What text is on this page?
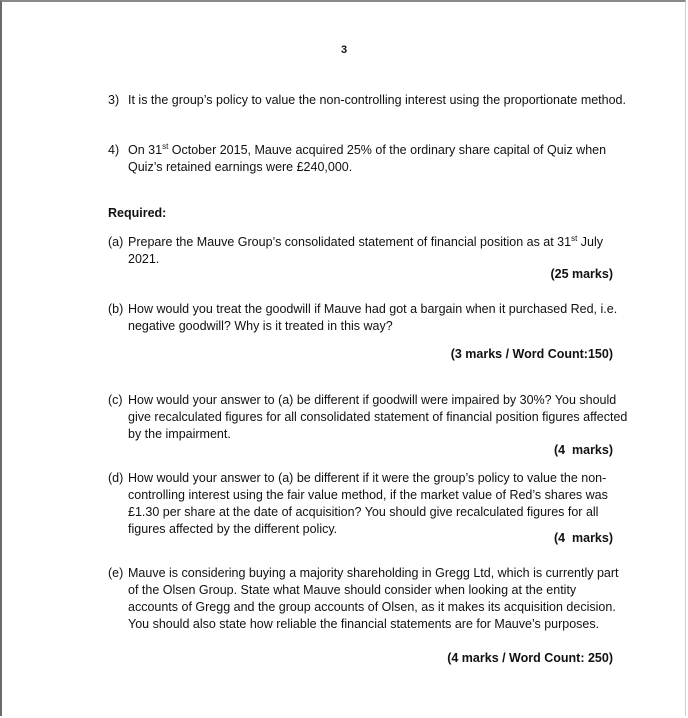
3
3) It is the group’s policy to value the non-controlling interest using the proportionate method.
4) On 31st October 2015, Mauve acquired 25% of the ordinary share capital of Quiz when Quiz’s retained earnings were £240,000.
Required:
(a) Prepare the Mauve Group’s consolidated statement of financial position as at 31st July 2021.
(25 marks)
(b) How would you treat the goodwill if Mauve had got a bargain when it purchased Red, i.e. negative goodwill? Why is it treated in this way?
(3 marks / Word Count:150)
(c) How would your answer to (a) be different if goodwill were impaired by 30%? You should give recalculated figures for all consolidated statement of financial position figures affected by the impairment.
(4  marks)
(d) How would your answer to (a) be different if it were the group’s policy to value the non-controlling interest using the fair value method, if the market value of Red’s shares was £1.30 per share at the date of acquisition? You should give recalculated figures for all figures affected by the different policy.
(4  marks)
(e) Mauve is considering buying a majority shareholding in Gregg Ltd, which is currently part of the Olsen Group. State what Mauve should consider when looking at the entity accounts of Gregg and the group accounts of Olsen, as it makes its acquisition decision. You should also state how reliable the financial statements are for Mauve’s purposes.
(4 marks / Word Count: 250)
